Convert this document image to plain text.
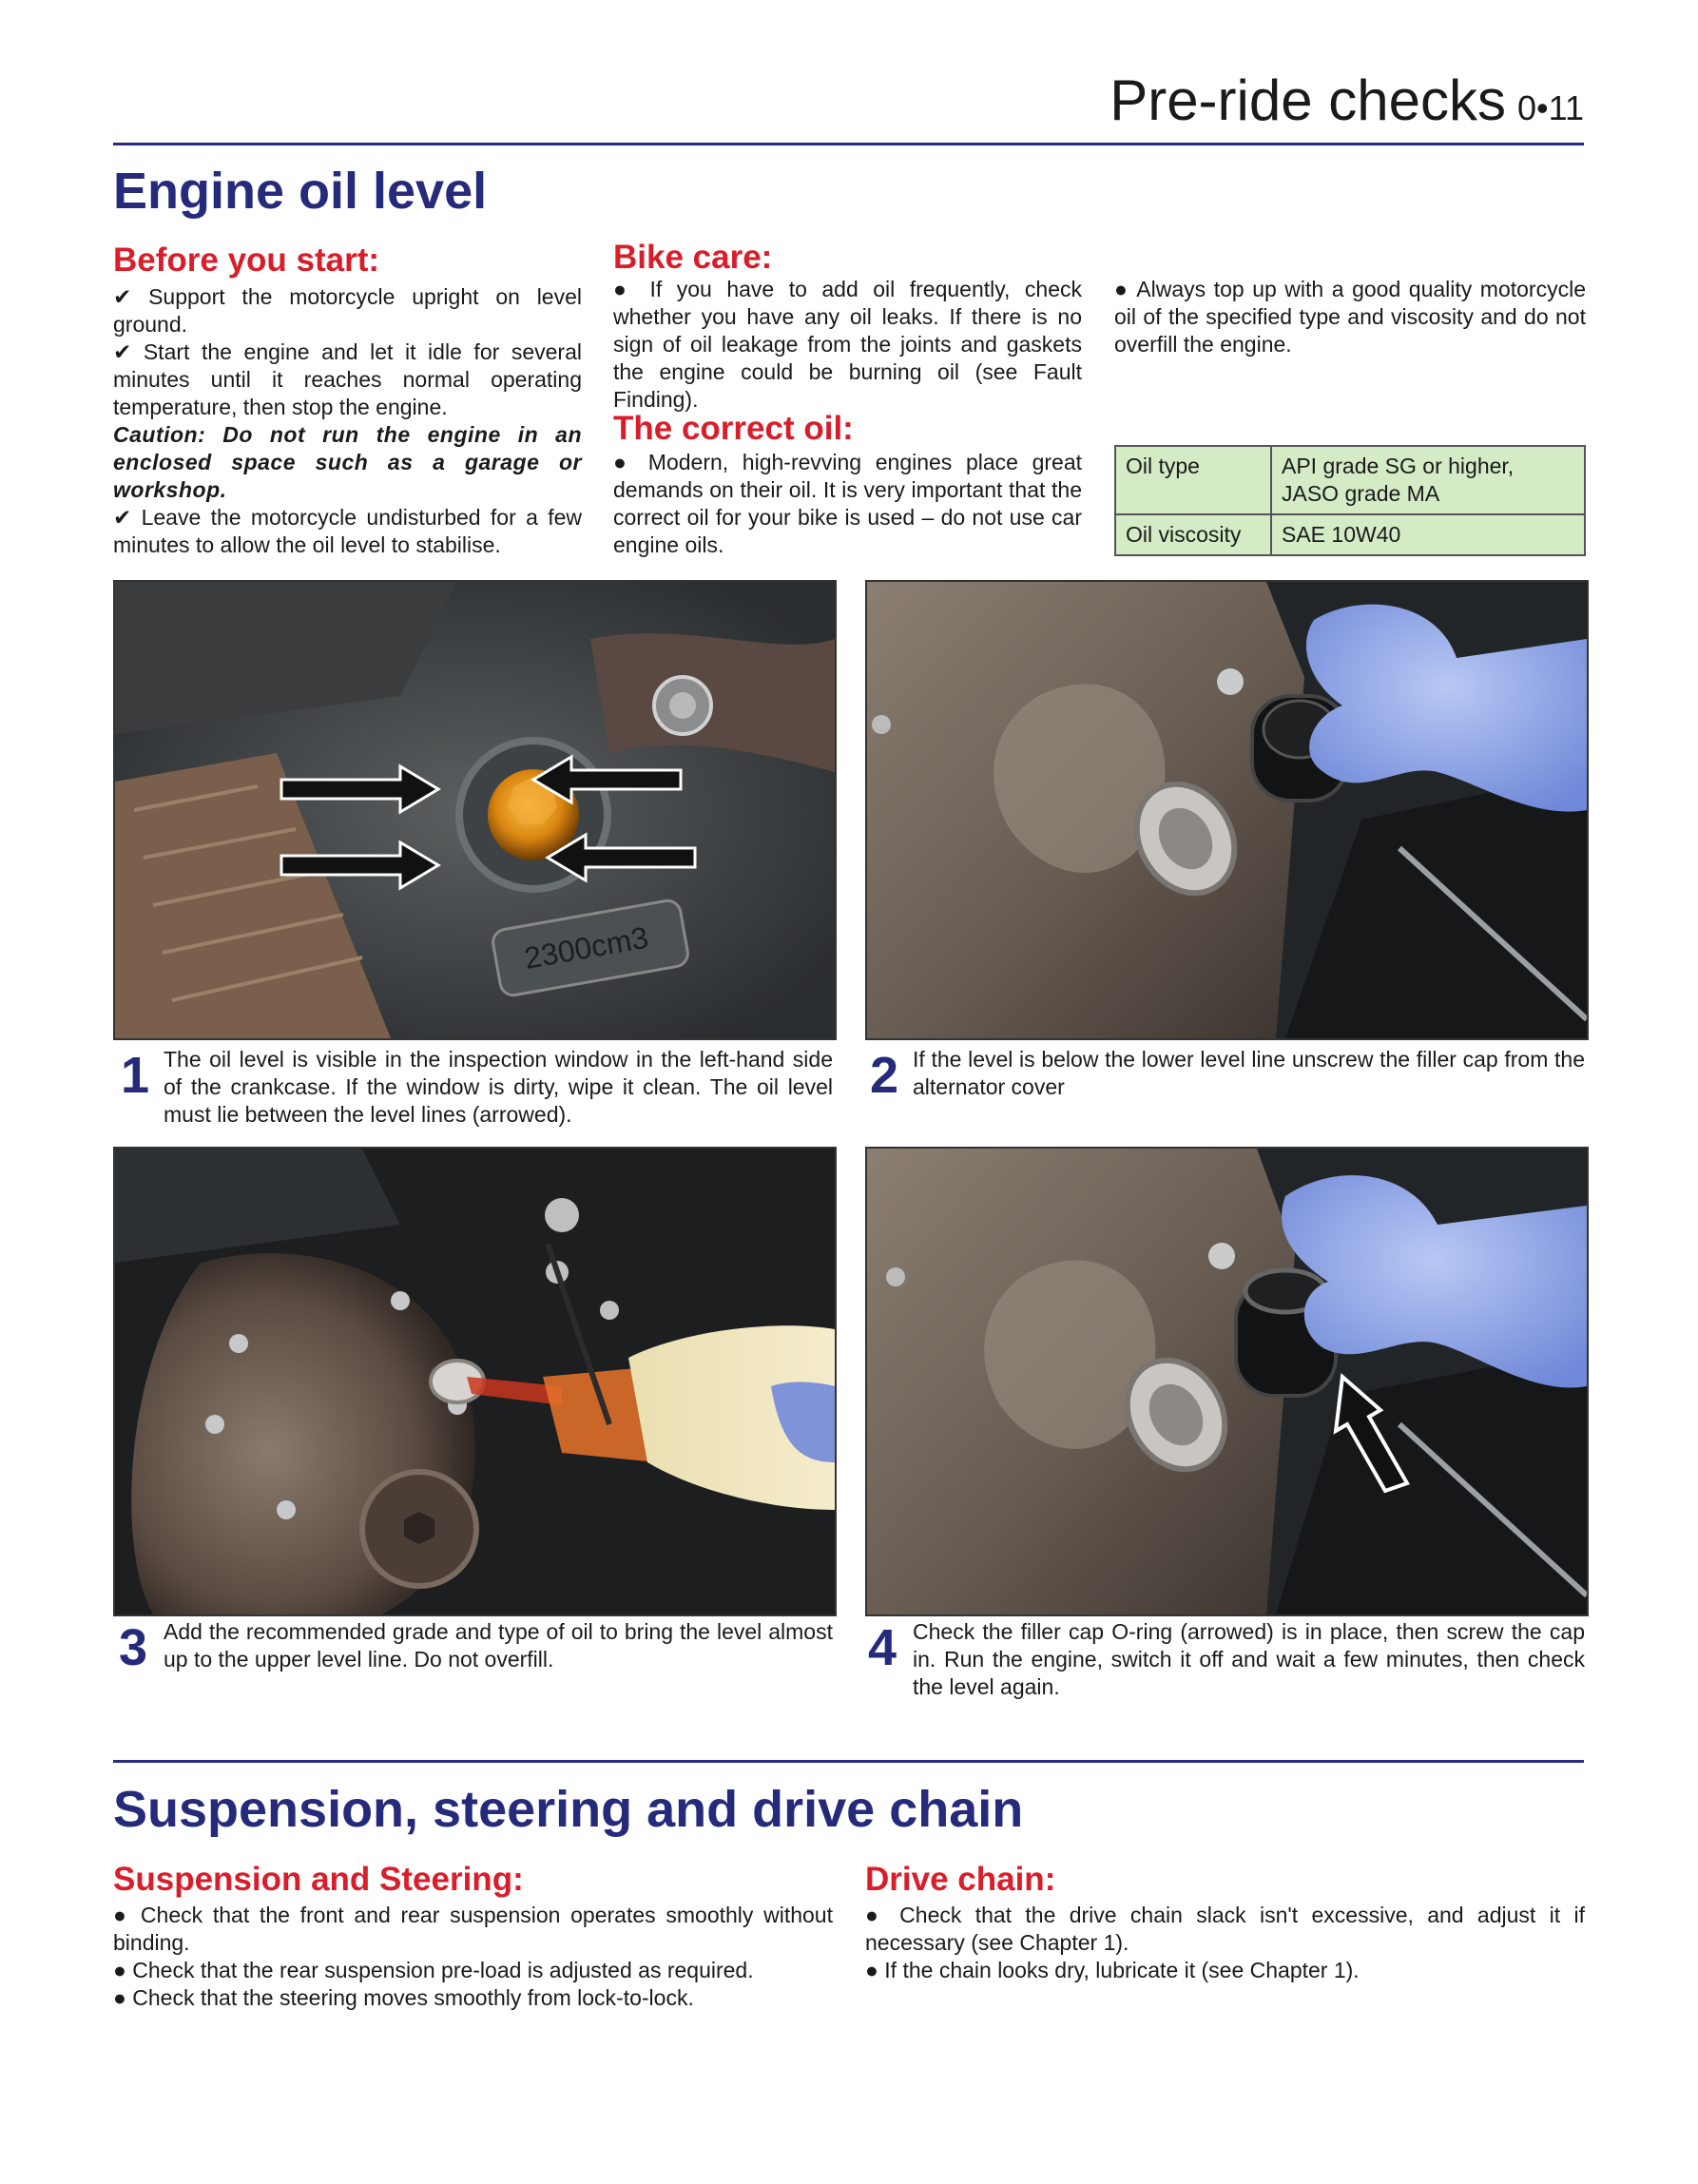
Pre-ride checks 0•11
Engine oil level
Before you start:

✔ Support the motorcycle upright on level ground.

✔ Start the engine and let it idle for several minutes until it reaches normal operating temperature, then stop the engine.

Caution: Do not run the engine in an enclosed space such as a garage or workshop.

✔ Leave the motorcycle undisturbed for a few minutes to allow the oil level to stabilise.

Bike care:

● If you have to add oil frequently, check whether you have any oil leaks. If there is no sign of oil leakage from the joints and gaskets the engine could be burning oil (see Fault Finding).

The correct oil:

● Modern, high-revving engines place great demands on their oil. It is very important that the correct oil for your bike is used – do not use car engine oils.

● Always top up with a good quality motorcycle oil of the specified type and viscosity and do not overfill the engine.

Oil type	API grade SG or higher, JASO grade MA
Oil viscosity	SAE 10W40
2300cm3
1 The oil level is visible in the inspection window in the left-hand side of the crankcase. If the window is dirty, wipe it clean. The oil level must lie between the level lines (arrowed).
2 If the level is below the lower level line unscrew the filler cap from the alternator cover
3 Add the recommended grade and type of oil to bring the level almost up to the upper level line. Do not overfill.	4 Check the filler cap O-ring (arrowed) is in place, then screw the cap in. Run the engine, switch it off and wait a few minutes, then check the level again.
Suspension, steering and drive chain
Suspension and Steering:

● Check that the front and rear suspension operates smoothly without binding.

● Check that the rear suspension pre-load is adjusted as required.

● Check that the steering moves smoothly from lock-to-lock.

Drive chain:

● Check that the drive chain slack isn't excessive, and adjust it if necessary (see Chapter 1).

● If the chain looks dry, lubricate it (see Chapter 1).
